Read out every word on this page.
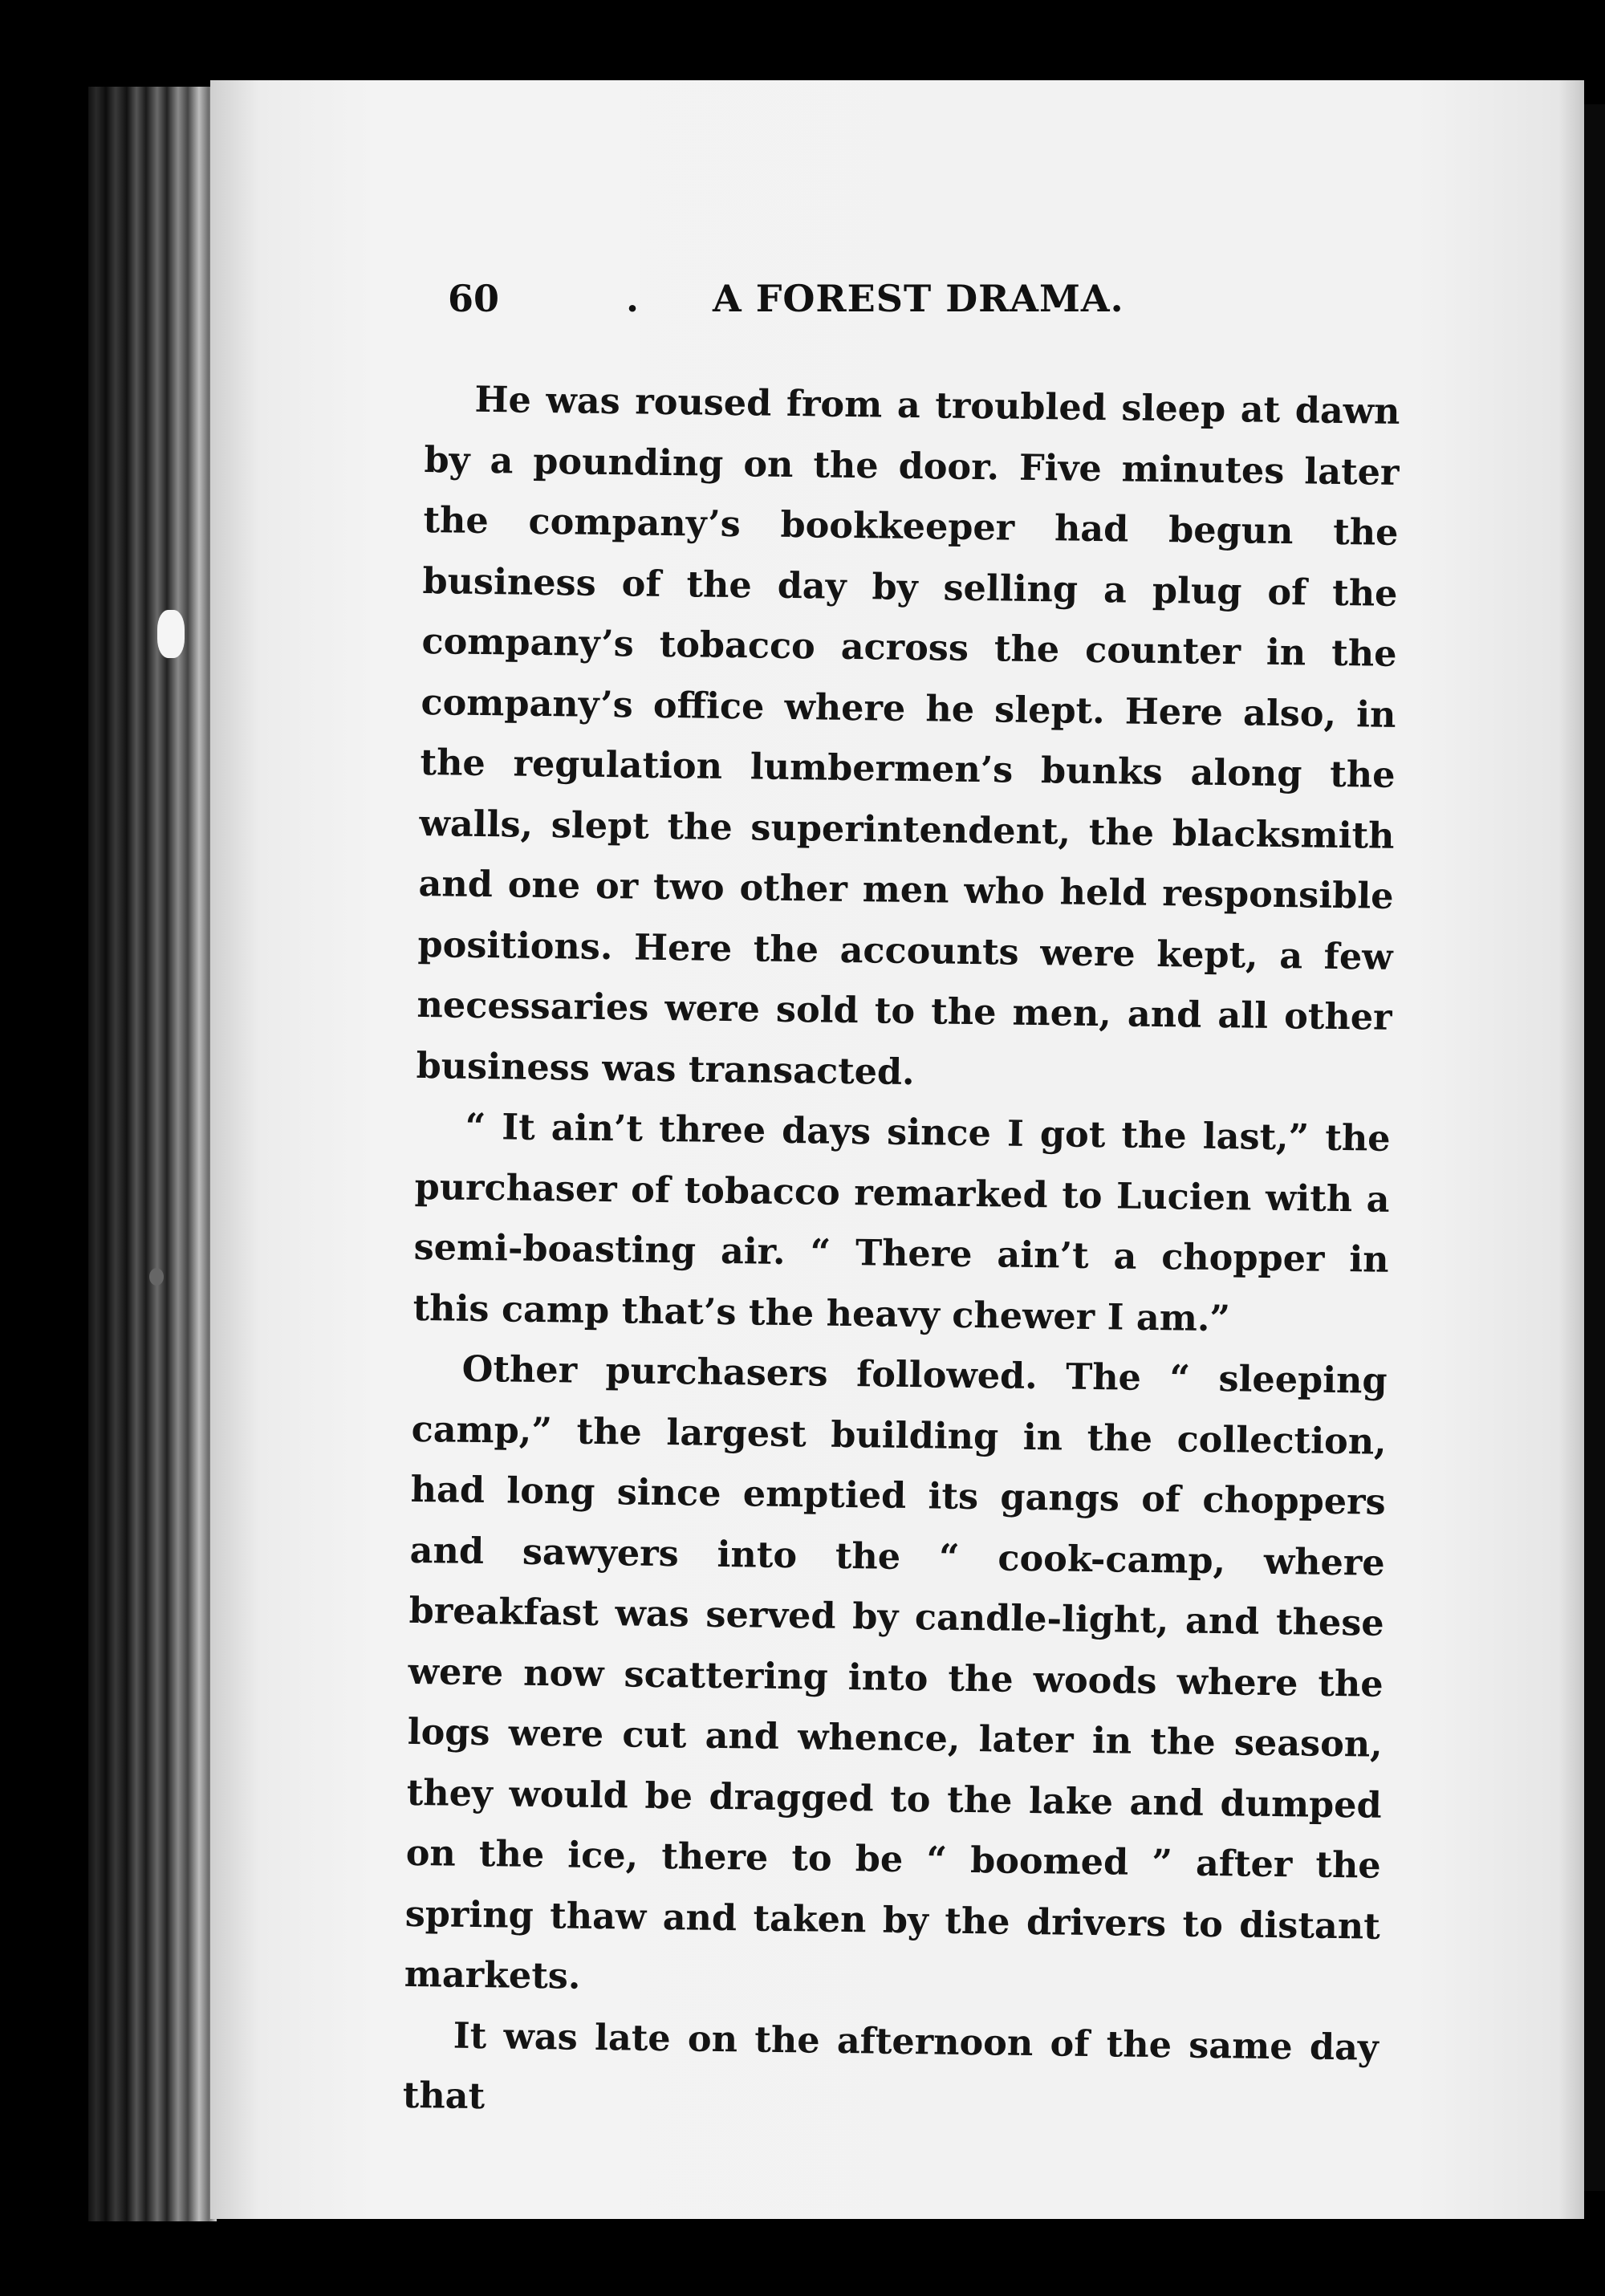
60	. A FOREST DRAMA.

He was roused from a troubled sleep at dawn by a pounding on the door. Five minutes later the company’s bookkeeper had begun the business of the day by selling a plug of the company’s tobacco across the counter in the company’s office where he slept. Here also, in the regulation lumbermen’s bunks along the walls, slept the superintendent, the blacksmith and one or two other men who held responsible positions. Here the accounts were kept, a few necessaries were sold to the men, and all other business was transacted.

“ It ain’t three days since I got the last,” the purchaser of tobacco remarked to Lucien with a semi-boasting air. “ There ain’t a chopper in this camp that’s the heavy chewer I am.”

Other purchasers followed. The “ sleeping camp,” the largest building in the collection, had long since emptied its gangs of choppers and sawyers into the “ cook-camp, where breakfast was served by candle-light, and these were now scattering into the woods where the logs were cut and whence, later in the season, they would be dragged to the lake and dumped on the ice, there to be “ boomed ” after the spring thaw and taken by the drivers to distant markets.

It was late on the afternoon of the same day that
